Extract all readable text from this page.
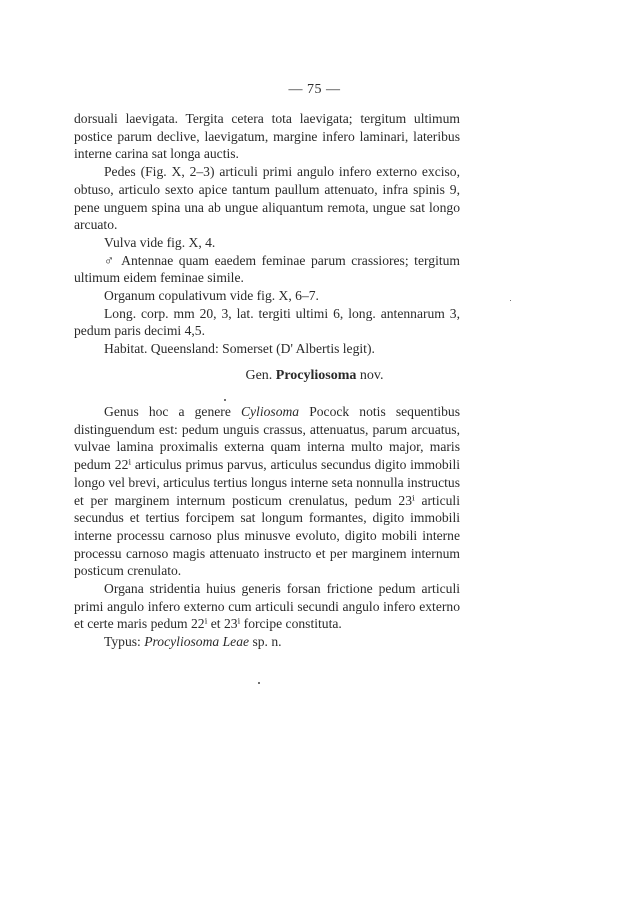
— 75 —

dorsuali laevigata. Tergita cetera tota laevigata; tergitum ultimum postice parum declive, laevigatum, margine infero laminari, lateribus interne carina sat longa auctis.

Pedes (Fig. X, 2–3) articuli primi angulo infero externo exciso, obtuso, articulo sexto apice tantum paullum attenuato, infra spinis 9, pene unguem spina una ab ungue aliquantum remota, ungue sat longo arcuato.

Vulva vide fig. X, 4.

♂ Antennae quam eaedem feminae parum crassiores; tergitum ultimum eidem feminae simile.

Organum copulativum vide fig. X, 6–7.

Long. corp. mm 20, 3, lat. tergiti ultimi 6, long. antennarum 3, pedum paris decimi 4,5.

Habitat. Queensland: Somerset (D' Albertis legit).

Gen. Procyliosoma nov.

Genus hoc a genere Cyliosoma Pocock notis sequentibus distinguendum est: pedum unguis crassus, attenuatus, parum arcuatus, vulvae lamina proximalis externa quam interna multo major, maris pedum 22ⁱ articulus primus parvus, articulus secundus digito immobili longo vel brevi, articulus tertius longus interne seta nonnulla instructus et per marginem internum posticum crenulatus, pedum 23ⁱ articuli secundus et tertius forcipem sat longum formantes, digito immobili interne processu carnoso plus minusve evoluto, digito mobili interne processu carnoso magis attenuato instructo et per marginem internum posticum crenulato.

Organa stridentia huius generis forsan frictione pedum articuli primi angulo infero externo cum articuli secundi angulo infero externo et certe maris pedum 22ⁱ et 23ⁱ forcipe constituta.

Typus: Procyliosoma Leae sp. n.
